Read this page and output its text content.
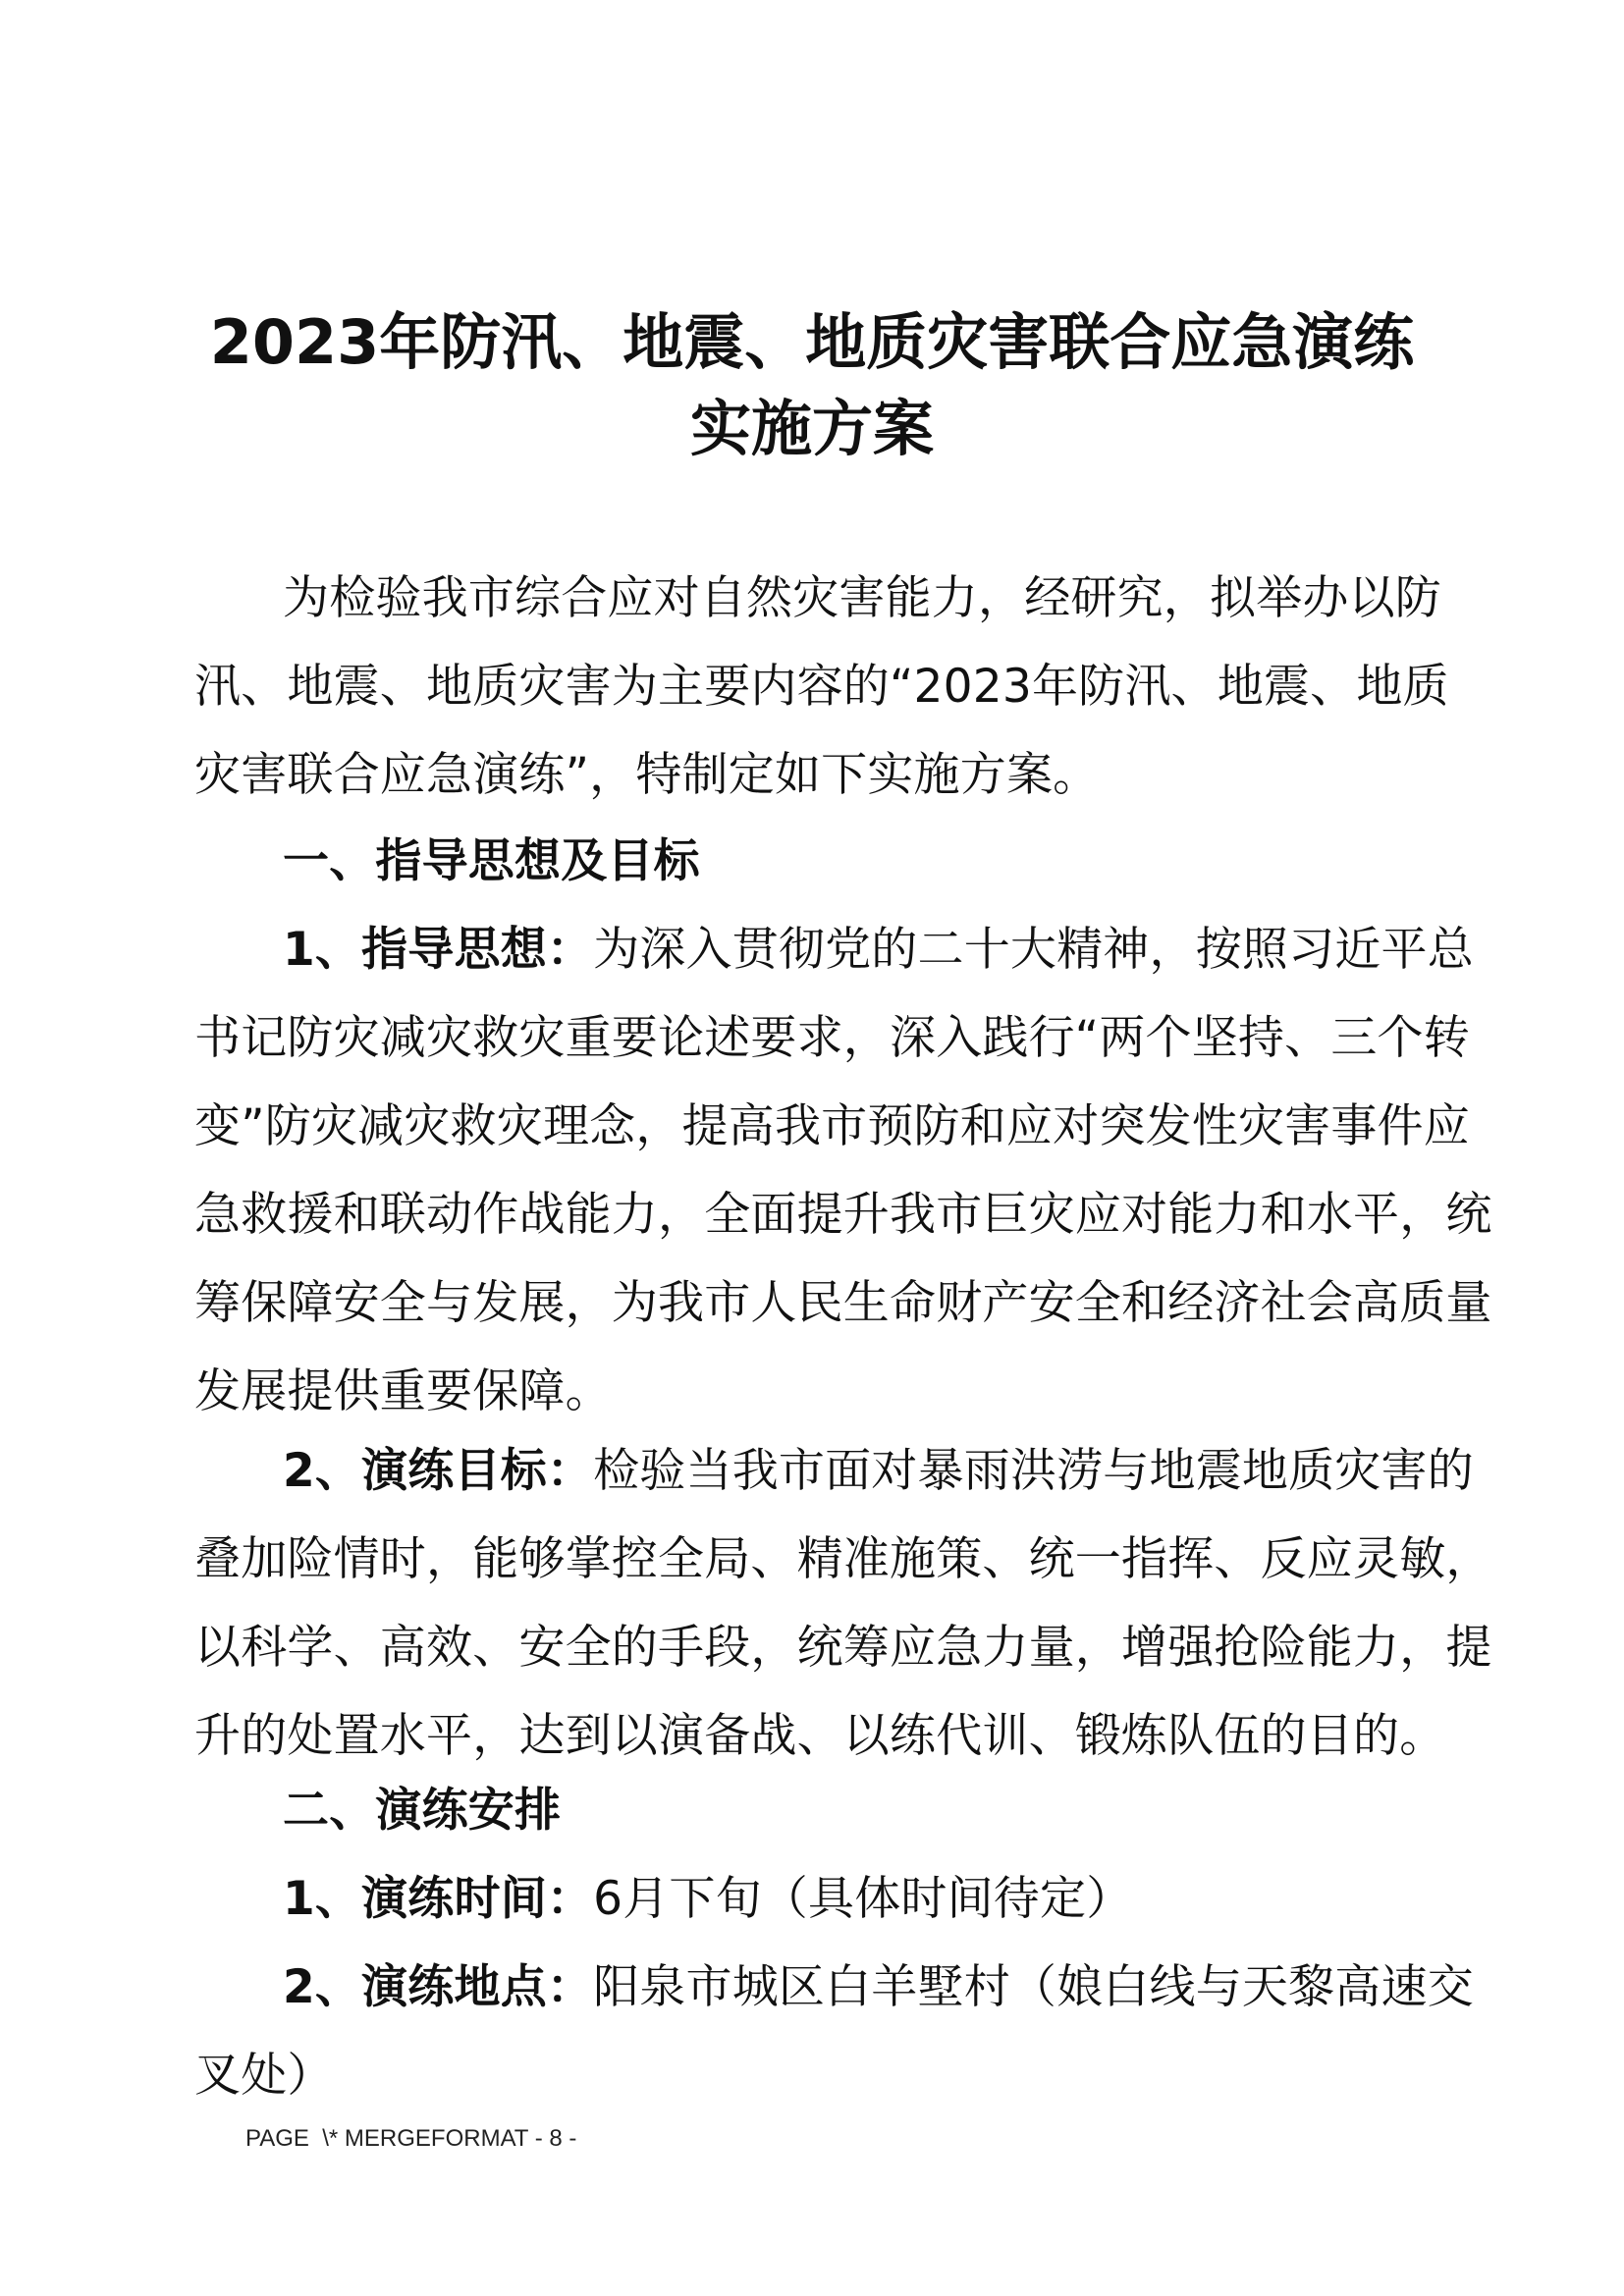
2023年防汛、地震、地质灾害联合应急演练
实施方案
为检验我市综合应对自然灾害能力，经研究，拟举办以防
汛、地震、地质灾害为主要内容的“2023年防汛、地震、地质
灾害联合应急演练”，特制定如下实施方案。
一、指导思想及目标
1、指导思想：为深入贯彻党的二十大精神，按照习近平总
书记防灾减灾救灾重要论述要求，深入践行“两个坚持、三个转
变”防灾减灾救灾理念，提高我市预防和应对突发性灾害事件应
急救援和联动作战能力，全面提升我市巨灾应对能力和水平，统
筹保障安全与发展，为我市人民生命财产安全和经济社会高质量
发展提供重要保障。
2、演练目标：检验当我市面对暴雨洪涝与地震地质灾害的
叠加险情时，能够掌控全局、精准施策、统一指挥、反应灵敏，
以科学、高效、安全的手段，统筹应急力量，增强抢险能力，提
升的处置水平，达到以演备战、以练代训、锻炼队伍的目的。
二、演练安排
1、演练时间：6月下旬（具体时间待定）
2、演练地点：阳泉市城区白羊墅村（娘白线与天黎高速交
叉处）
PAGE  \* MERGEFORMAT - 8 -
